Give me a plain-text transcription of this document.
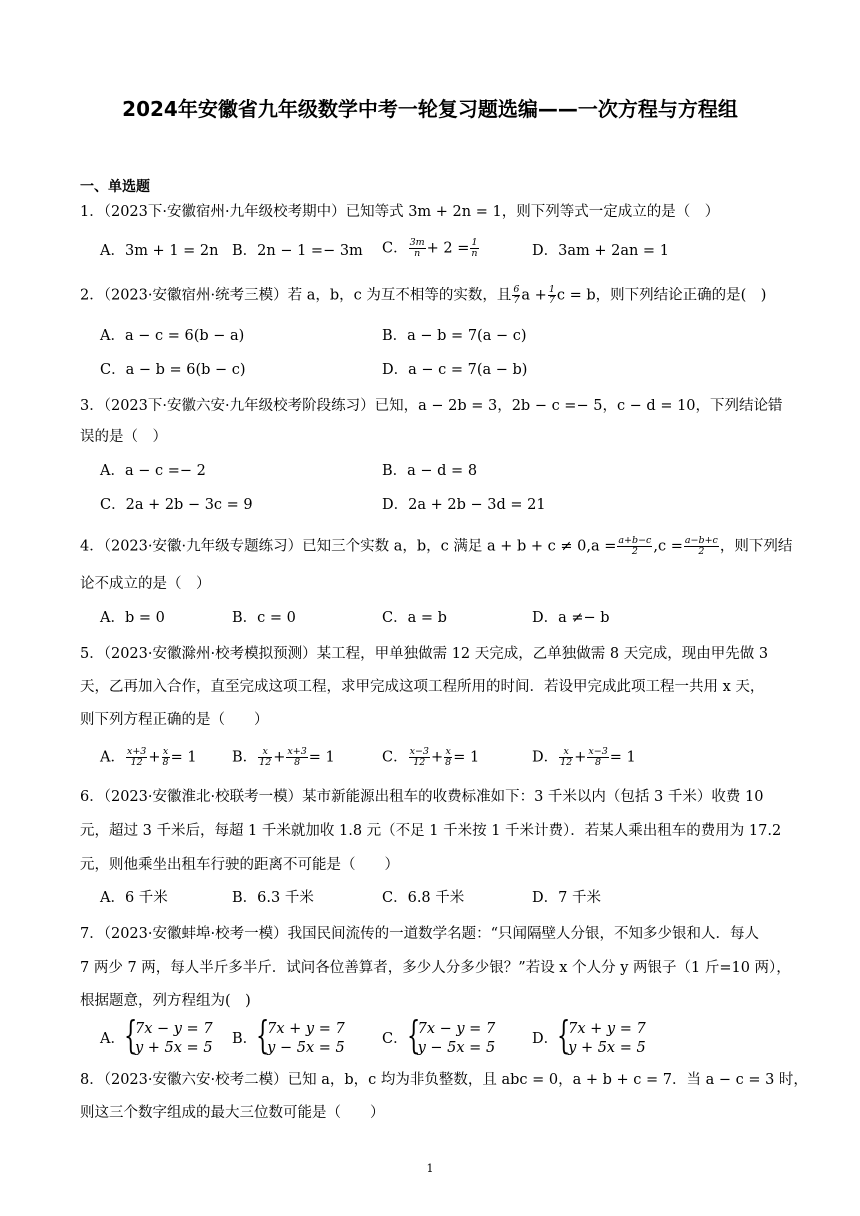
2024年安徽省九年级数学中考一轮复习题选编——一次方程与方程组
一、单选题
1．（2023下·安徽宿州·九年级校考期中）已知等式 3m + 2n = 1，则下列等式一定成立的是（　）
A．3m + 1 = 2n B．2n − 1 =− 3m C． $\frac{3m}{n} + 2 = \frac{1}{n}$	D．3am + 2an = 1
2．（2023·安徽宿州·统考三模）若 a，b，c 为互不相等的实数，且 $\frac{6}{7}$ $a + \frac{1}{7}$ c = b，则下列结论正确的是(　)
A．a − c = 6(b − a)	B．a − b = 7(a − c)
C．a − b = 6(b − c)	D．a − c = 7(a − b)
3．（2023下·安徽六安·九年级校考阶段练习）已知，a − 2b = 3，2b − c =− 5，c − d = 10，下列结论错
误的是（　）
A．a − c =− 2	B．a − d = 8
C．2a + 2b − 3c = 9	D．2a + 2b − 3d = 21
4．（2023·安徽·九年级专题练习）已知三个实数 a，b，c 满足 $a + b + c \ne 0,a = \frac{a+b-c}{2} ,c = \frac{a-b+c}{2}$ ，则下列结
论不成立的是（　）
A．b = 0	B．c = 0	C．a = b	D．a ≠− b
5．（2023·安徽滁州·校考模拟预测）某工程，甲单独做需 12 天完成，乙单独做需 8 天完成，现由甲先做 3
天，乙再加入合作，直至完成这项工程，求甲完成这项工程所用的时间．若设甲完成此项工程一共用 x 天，
则下列方程正确的是（　　）
A． $\frac{x+3}{12} + \frac{x}{8} = 1$ B． $\frac{x}{12} + \frac{x+3}{8} = 1$	C． $\frac{x-3}{12} + \frac{x}{8} = 1$	D． $\frac{x}{12} + \frac{x-3}{8} = 1$
6．（2023·安徽淮北·校联考一模）某市新能源出租车的收费标准如下：3 千米以内（包括 3 千米）收费 10
元，超过 3 千米后，每超 1 千米就加收 1.8 元（不足 1 千米按 1 千米计费）．若某人乘出租车的费用为 17.2
元，则他乘坐出租车行驶的距离不可能是（　　）
A．6 千米	B．6.3 千米	C．6.8 千米	D．7 千米
7．（2023·安徽蚌埠·校考一模）我国民间流传的一道数学名题：“只闻隔壁人分银，不知多少银和人．每人
7 两少 7 两，每人半斤多半斤．试问各位善算者，多少人分多少银？”若设 x 个人分 y 两银子（1 斤=10 两），
根据题意，列方程组为(　)
A．
{ 7x − y = 7
y + 5x = 5
B．
{ 7x + y = 7
y − 5x = 5
C．
{ 7x − y = 7
y − 5x = 5
D．
{ 7x + y = 7
y + 5x = 5
8．（2023·安徽六安·校考二模）已知 a，b，c 均为非负整数，且 abc = 0，a + b + c = 7．当 a − c = 3 时，
则这三个数字组成的最大三位数可能是（　　）
1
